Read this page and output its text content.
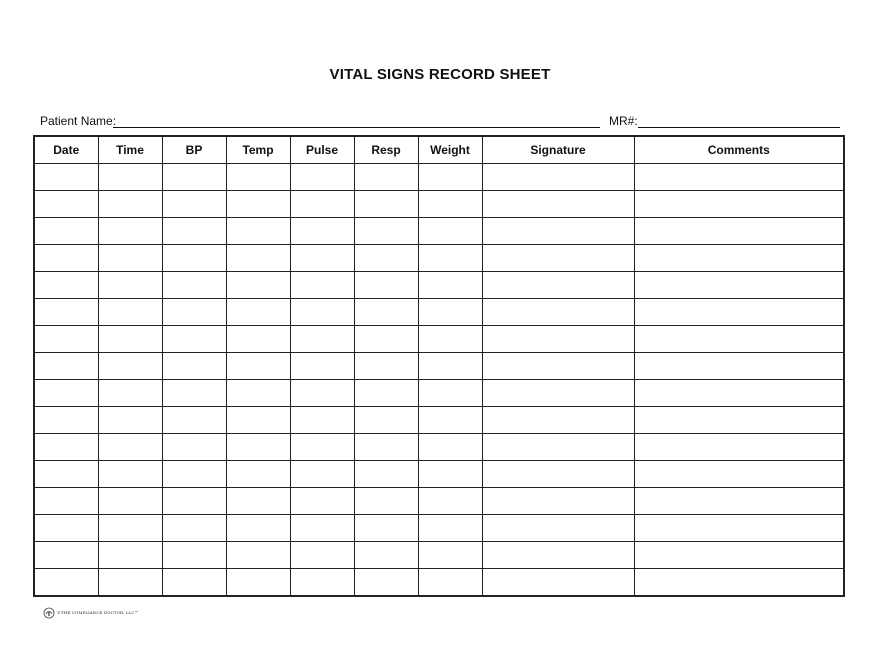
VITAL SIGNS RECORD SHEET
Patient Name:	MR#:
Date	Time	BP	Temp	Pulse	Resp	Weight	Signature	Comments

©THE COMPLIANCE DOCTOR, LLC™
